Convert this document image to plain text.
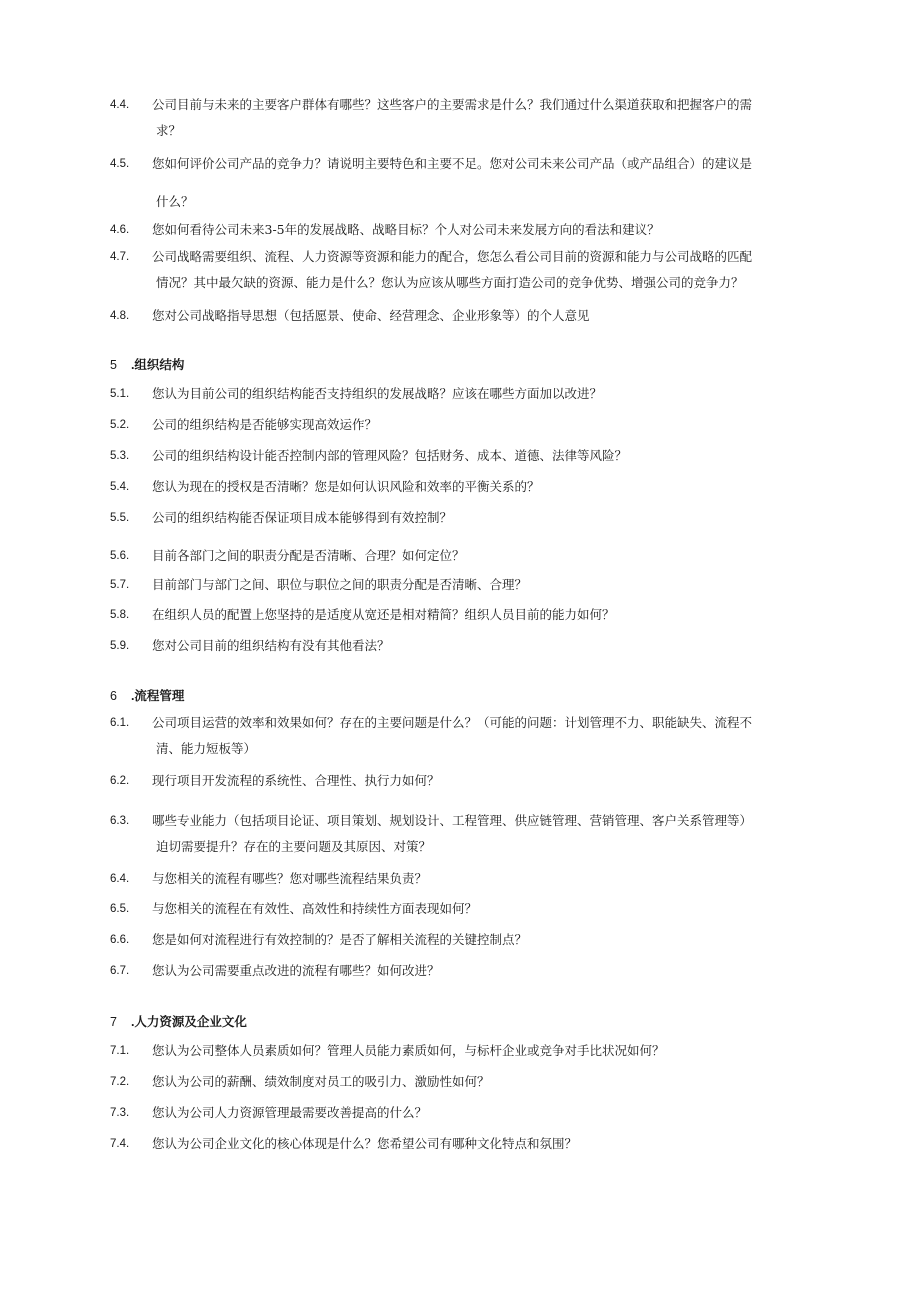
4.4. 公司目前与未来的主要客户群体有哪些？这些客户的主要需求是什么？我们通过什么渠道获取和把握客户的需
求？
4.5. 您如何评价公司产品的竞争力？请说明主要特色和主要不足。您对公司未来公司产品（或产品组合）的建议是
什么？
4.6. 您如何看待公司未来3-5年的发展战略、战略目标？个人对公司未来发展方向的看法和建议？
4.7. 公司战略需要组织、流程、人力资源等资源和能力的配合，您怎么看公司目前的资源和能力与公司战略的匹配
情况？其中最欠缺的资源、能力是什么？您认为应该从哪些方面打造公司的竞争优势、增强公司的竞争力？
4.8. 您对公司战略指导思想（包括愿景、使命、经营理念、企业形象等）的个人意见
5 .组织结构
5.1. 您认为目前公司的组织结构能否支持组织的发展战略？应该在哪些方面加以改进？
5.2. 公司的组织结构是否能够实现高效运作？
5.3. 公司的组织结构设计能否控制内部的管理风险？包括财务、成本、道德、法律等风险？
5.4. 您认为现在的授权是否清晰？您是如何认识风险和效率的平衡关系的？
5.5. 公司的组织结构能否保证项目成本能够得到有效控制？
5.6. 目前各部门之间的职责分配是否清晰、合理？如何定位？
5.7. 目前部门与部门之间、职位与职位之间的职责分配是否清晰、合理？
5.8. 在组织人员的配置上您坚持的是适度从宽还是相对精简？组织人员目前的能力如何？
5.9. 您对公司目前的组织结构有没有其他看法？
6 .流程管理
6.1. 公司项目运营的效率和效果如何？存在的主要问题是什么？（可能的问题：计划管理不力、职能缺失、流程不
清、能力短板等）
6.2. 现行项目开发流程的系统性、合理性、执行力如何？
6.3. 哪些专业能力（包括项目论证、项目策划、规划设计、工程管理、供应链管理、营销管理、客户关系管理等）
迫切需要提升？存在的主要问题及其原因、对策？
6.4. 与您相关的流程有哪些？您对哪些流程结果负责？
6.5. 与您相关的流程在有效性、高效性和持续性方面表现如何？
6.6. 您是如何对流程进行有效控制的？是否了解相关流程的关键控制点？
6.7. 您认为公司需要重点改进的流程有哪些？如何改进？
7 .人力资源及企业文化
7.1. 您认为公司整体人员素质如何？管理人员能力素质如何，与标杆企业或竞争对手比状况如何？
7.2. 您认为公司的薪酬、绩效制度对员工的吸引力、激励性如何？
7.3. 您认为公司人力资源管理最需要改善提高的什么？
7.4. 您认为公司企业文化的核心体现是什么？您希望公司有哪种文化特点和氛围？
